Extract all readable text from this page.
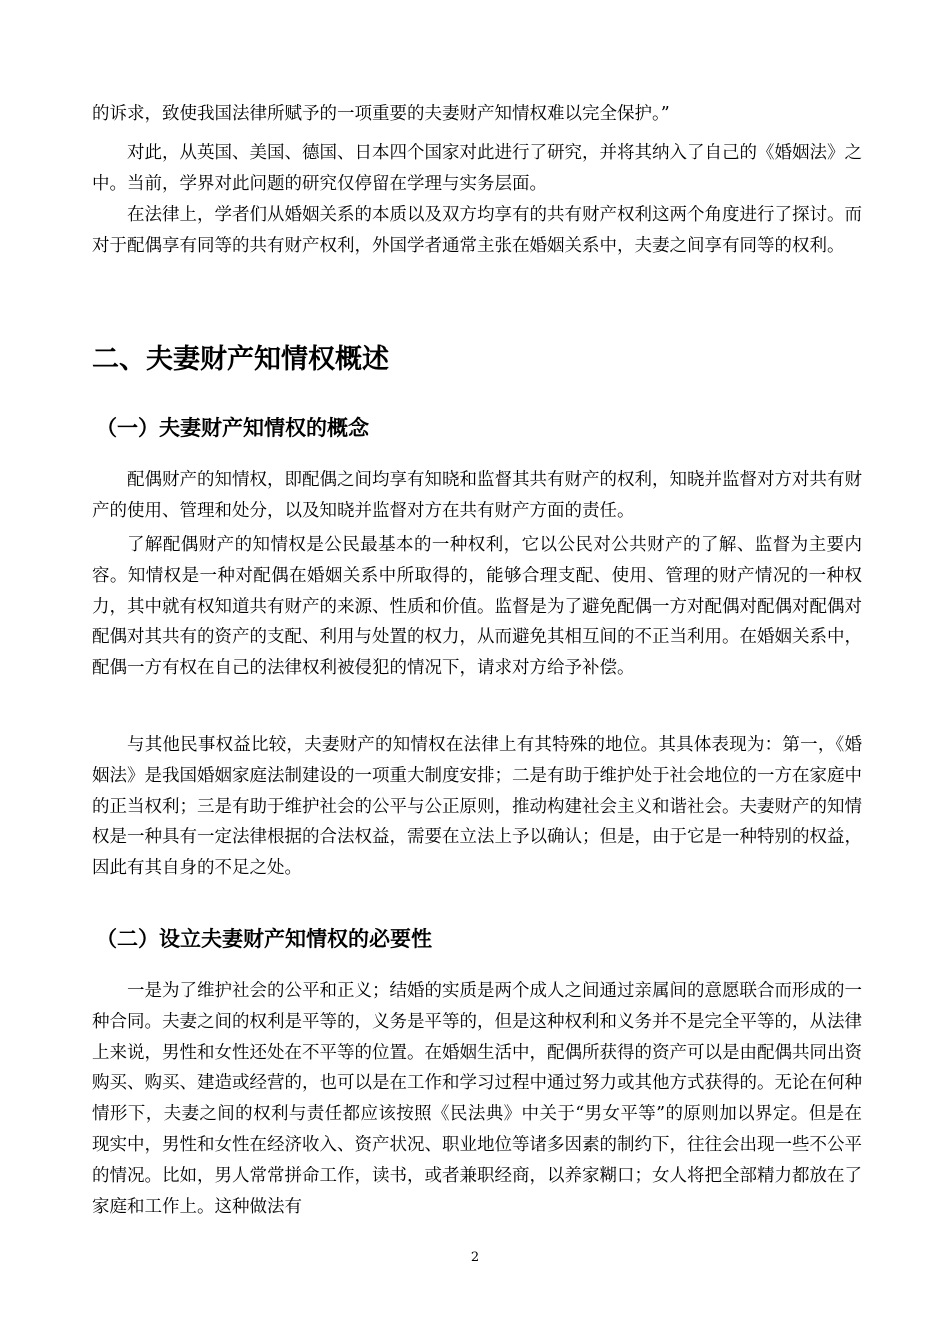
的诉求，致使我国法律所赋予的一项重要的夫妻财产知情权难以完全保护。”

对此，从英国、美国、德国、日本四个国家对此进行了研究，并将其纳入了自己的《婚姻法》之中。当前，学界对此问题的研究仅停留在学理与实务层面。

在法律上，学者们从婚姻关系的本质以及双方均享有的共有财产权利这两个角度进行了探讨。而对于配偶享有同等的共有财产权利，外国学者通常主张在婚姻关系中，夫妻之间享有同等的权利。

二、夫妻财产知情权概述
（一）夫妻财产知情权的概念

配偶财产的知情权，即配偶之间均享有知晓和监督其共有财产的权利，知晓并监督对方对共有财产的使用、管理和处分，以及知晓并监督对方在共有财产方面的责任。

了解配偶财产的知情权是公民最基本的一种权利，它以公民对公共财产的了解、监督为主要内容。知情权是一种对配偶在婚姻关系中所取得的，能够合理支配、使用、管理的财产情况的一种权力，其中就有权知道共有财产的来源、性质和价值。监督是为了避免配偶一方对配偶对配偶对配偶对配偶对其共有的资产的支配、利用与处置的权力，从而避免其相互间的不正当利用。在婚姻关系中，配偶一方有权在自己的法律权利被侵犯的情况下，请求对方给予补偿。

与其他民事权益比较，夫妻财产的知情权在法律上有其特殊的地位。其具体表现为：第一，《婚姻法》是我国婚姻家庭法制建设的一项重大制度安排；二是有助于维护处于社会地位的一方在家庭中的正当权利；三是有助于维护社会的公平与公正原则，推动构建社会主义和谐社会。夫妻财产的知情权是一种具有一定法律根据的合法权益，需要在立法上予以确认；但是，由于它是一种特别的权益，因此有其自身的不足之处。

（二）设立夫妻财产知情权的必要性

一是为了维护社会的公平和正义；结婚的实质是两个成人之间通过亲属间的意愿联合而形成的一种合同。夫妻之间的权利是平等的，义务是平等的，但是这种权利和义务并不是完全平等的，从法律上来说，男性和女性还处在不平等的位置。在婚姻生活中，配偶所获得的资产可以是由配偶共同出资购买、购买、建造或经营的，也可以是在工作和学习过程中通过努力或其他方式获得的。无论在何种情形下，夫妻之间的权利与责任都应该按照《民法典》中关于“男女平等”的原则加以界定。但是在现实中，男性和女性在经济收入、资产状况、职业地位等诸多因素的制约下，往往会出现一些不公平的情况。比如，男人常常拼命工作，读书，或者兼职经商，以养家糊口；女人将把全部精力都放在了家庭和工作上。这种做法有

2
